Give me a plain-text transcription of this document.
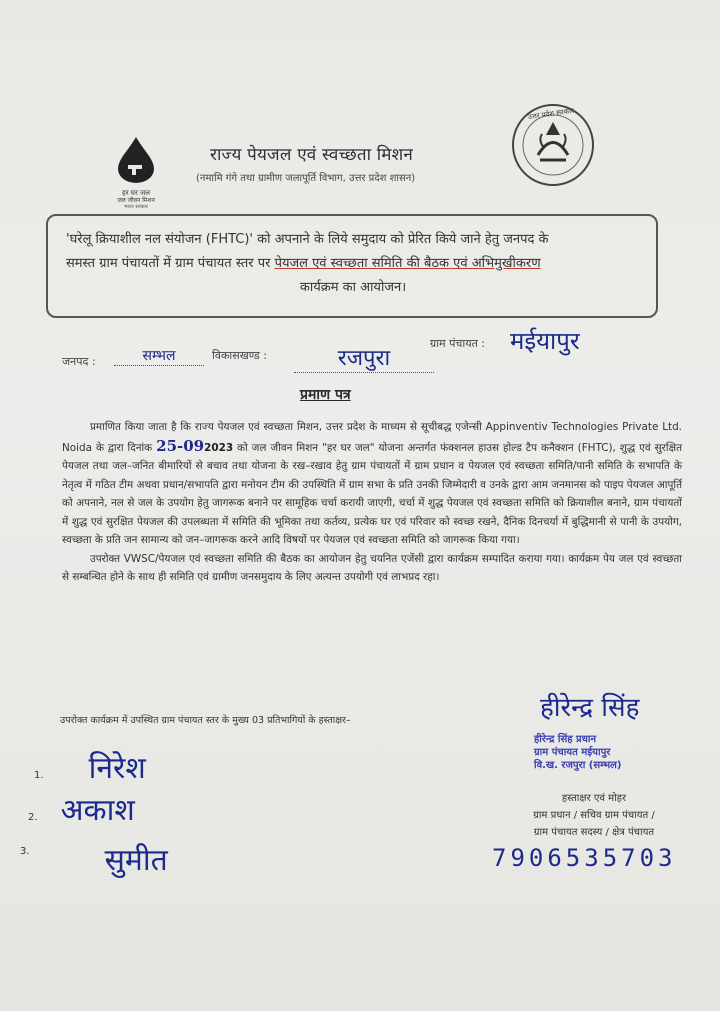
हर घर जल
जल जीवन मिशन
भारत सरकार
राज्य पेयजल एवं स्वच्छता मिशन
(नमामि गंगे तथा ग्रामीण जलापूर्ति विभाग, उत्तर प्रदेश शासन)
उत्तर प्रदेश सरकार
'घरेलू क्रियाशील नल संयोजन (FHTC)' को अपनाने के लिये समुदाय को प्रेरित किये जाने हेतु जनपद के
समस्त ग्राम पंचायतों में ग्राम पंचायत स्तर पर पेयजल एवं स्वच्छता समिति की बैठक एवं अभिमुखीकरण
कार्यक्रम का आयोजन।
जनपद :	सम्भल	विकासखण्ड :	रजपुरा
ग्राम पंचायत : मईयापुर
प्रमाण पत्र

प्रमाणित किया जाता है कि राज्य पेयजल एवं स्वच्छता मिशन, उत्तर प्रदेश के माध्यम से सूचीबद्ध एजेन्सी Appinventiv Technologies Private Ltd. Noida के द्वारा दिनांक 25-092023 को जल जीवन मिशन "हर घर जल" योजना अन्तर्गत फंक्शनल हाउस होल्ड टैप कनैक्शन (FHTC), शुद्ध एवं सुरक्षित पेयजल तथा जल–जनित बीमारियों से बचाव तथा योजना के रख–रखाव हेतु ग्राम पंचायतों में ग्राम प्रधान व पेयजल एवं स्वच्छता समिति/पानी समिति के सभापति के नेतृत्व में गठित टीम अथवा प्रधान/सभापति द्वारा मनोयन टीम की उपस्थिति में ग्राम सभा के प्रति उनकी जिम्मेदारी व उनके द्वारा आम जनमानस को पाइप पेयजल आपूर्ति को अपनाने, नल से जल के उपयोग हेतु जागरूक बनाने पर सामूहिक चर्चा करायी जाएगी, चर्चा में शुद्ध पेयजल एवं स्वच्छता समिति को क्रियाशील बनाने, ग्राम पंचायतों में शुद्ध एवं सुरक्षित पेयजल की उपलब्धता में समिति की भूमिका तथा कर्तव्य, प्रत्येक घर एवं परिवार को स्वच्छ रखने, दैनिक दिनचर्या में बुद्धिमानी से पानी के उपयोग, स्वच्छता के प्रति जन सामान्य को जन–जागरूक करने आदि विषयों पर पेयजल एवं स्वच्छता समिति को जागरूक किया गया।

उपरोक्त VWSC/पेयजल एवं स्वच्छता समिति की बैठक का आयोजन हेतु चयनित एजेंसी द्वारा कार्यक्रम सम्पादित कराया गया। कार्यक्रम पेय जल एवं स्वच्छता से सम्बन्धित होने के साथ ही समिति एवं ग्रामीण जनसमुदाय के लिए अत्यन्त उपयोगी एवं लाभप्रद रहा।

उपरोक्त कार्यक्रम में उपस्थित ग्राम पंचायत स्तर के मुख्य 03 प्रतिभागियों के हस्ताक्षर–
1. निरेश
2. अकाश
3.	सुमीत
हीरेन्द्र सिंह
हीरेन्द्र सिंह प्रधान
ग्राम पंचायत मईयापुर
वि.ख. रजपुरा (सम्भल)
हस्ताक्षर एवं मोहर
ग्राम प्रधान / सचिव ग्राम पंचायत /
ग्राम पंचायत सदस्य / क्षेत्र पंचायत
7906535703
